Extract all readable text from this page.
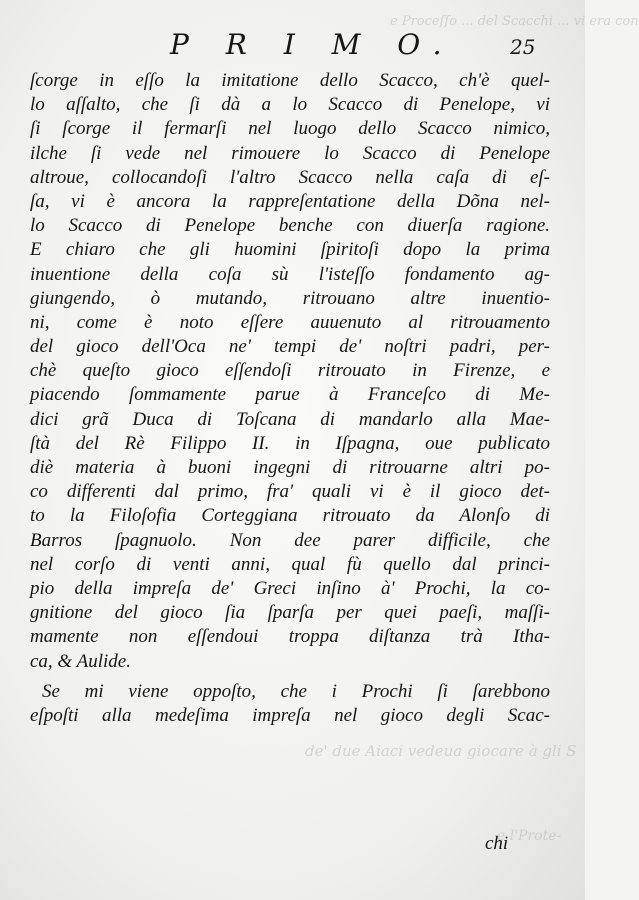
e Proceſſo ... del Scacchi ... vi era con
de' due Aiaci vedeua giocare à gli S
e l'Prote-
P R I M O.	25
ſcorge in eſſo la imitatione dello Scacco, ch'è quel-
lo aſſalto, che ſi dà a lo Scacco di Penelope, vi
ſi ſcorge il fermarſi nel luogo dello Scacco nimico,
ilche ſi vede nel rimouere lo Scacco di Penelope
altroue, collocandoſi l'altro Scacco nella caſa di eſ-
ſa, vi è ancora la rappreſentatione della Dõna nel-
lo Scacco di Penelope benche con diuerſa ragione.
E chiaro che gli huomini ſpiritoſi dopo la prima
inuentione della coſa sù l'isteſſo fondamento ag-
giungendo, ò mutando, ritrouano altre inuentio-
ni, come è noto eſſere auuenuto al ritrouamento
del gioco dell'Oca ne' tempi de' noſtri padri, per-
chè queſto gioco eſſendoſi ritrouato in Firenze, e
piacendo ſommamente parue à Franceſco di Me-
dici grã Duca di Toſcana di mandarlo alla Mae-
ſtà del Rè Filippo II. in Iſpagna, oue publicato
diè materia à buoni ingegni di ritrouarne altri po-
co differenti dal primo, fra' quali vi è il gioco det-
to la Filoſofia Corteggiana ritrouato da Alonſo di
Barros ſpagnuolo. Non dee parer difficile, che
nel corſo di venti anni, qual fù quello dal princi-
pio della impreſa de' Greci inſino à' Prochi, la co-
gnitione del gioco ſia ſparſa per quei paeſi, maſſi-
mamente non eſſendoui troppa diſtanza trà Itha-
ca, & Aulide.
Se mi viene oppoſto, che i Prochi ſi ſarebbono
eſpoſti alla medeſima impreſa nel gioco degli Scac-
chi
